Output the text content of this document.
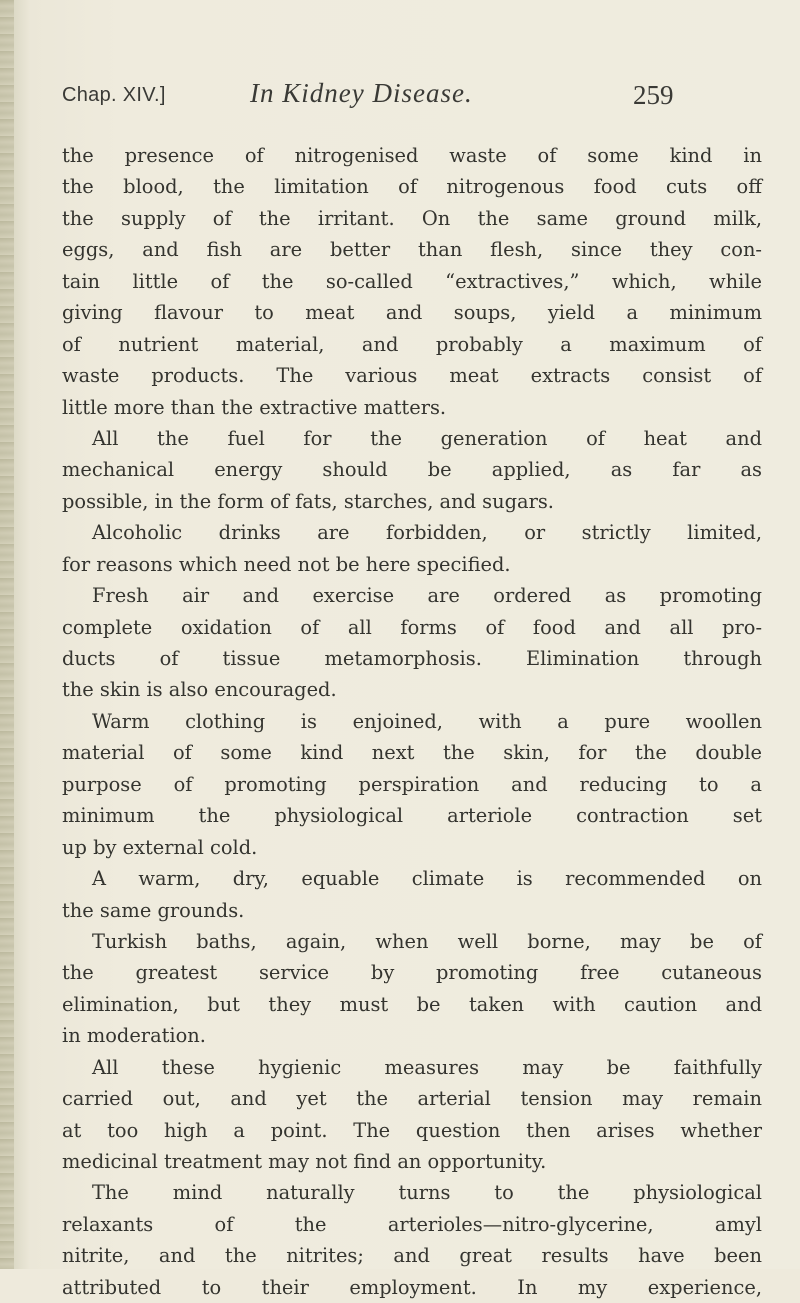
Chap. XIV.]	In Kidney Disease.	259
the presence of nitrogenised waste of some kind in
the blood, the limitation of nitrogenous food cuts off
the supply of the irritant. On the same ground milk,
eggs, and fish are better than flesh, since they con-
tain little of the so-called “extractives,” which, while
giving flavour to meat and soups, yield a minimum
of nutrient material, and probably a maximum of
waste products. The various meat extracts consist of
little more than the extractive matters.
All the fuel for the generation of heat and
mechanical energy should be applied, as far as
possible, in the form of fats, starches, and sugars.
Alcoholic drinks are forbidden, or strictly limited,
for reasons which need not be here specified.
Fresh air and exercise are ordered as promoting
complete oxidation of all forms of food and all pro-
ducts of tissue metamorphosis. Elimination through
the skin is also encouraged.
Warm clothing is enjoined, with a pure woollen
material of some kind next the skin, for the double
purpose of promoting perspiration and reducing to a
minimum the physiological arteriole contraction set
up by external cold.
A warm, dry, equable climate is recommended on
the same grounds.
Turkish baths, again, when well borne, may be of
the greatest service by promoting free cutaneous
elimination, but they must be taken with caution and
in moderation.
All these hygienic measures may be faithfully
carried out, and yet the arterial tension may remain
at too high a point. The question then arises whether
medicinal treatment may not find an opportunity.
The mind naturally turns to the physiological
relaxants of the arterioles—nitro-glycerine, amyl
nitrite, and the nitrites; and great results have been
attributed to their employment. In my experience,
